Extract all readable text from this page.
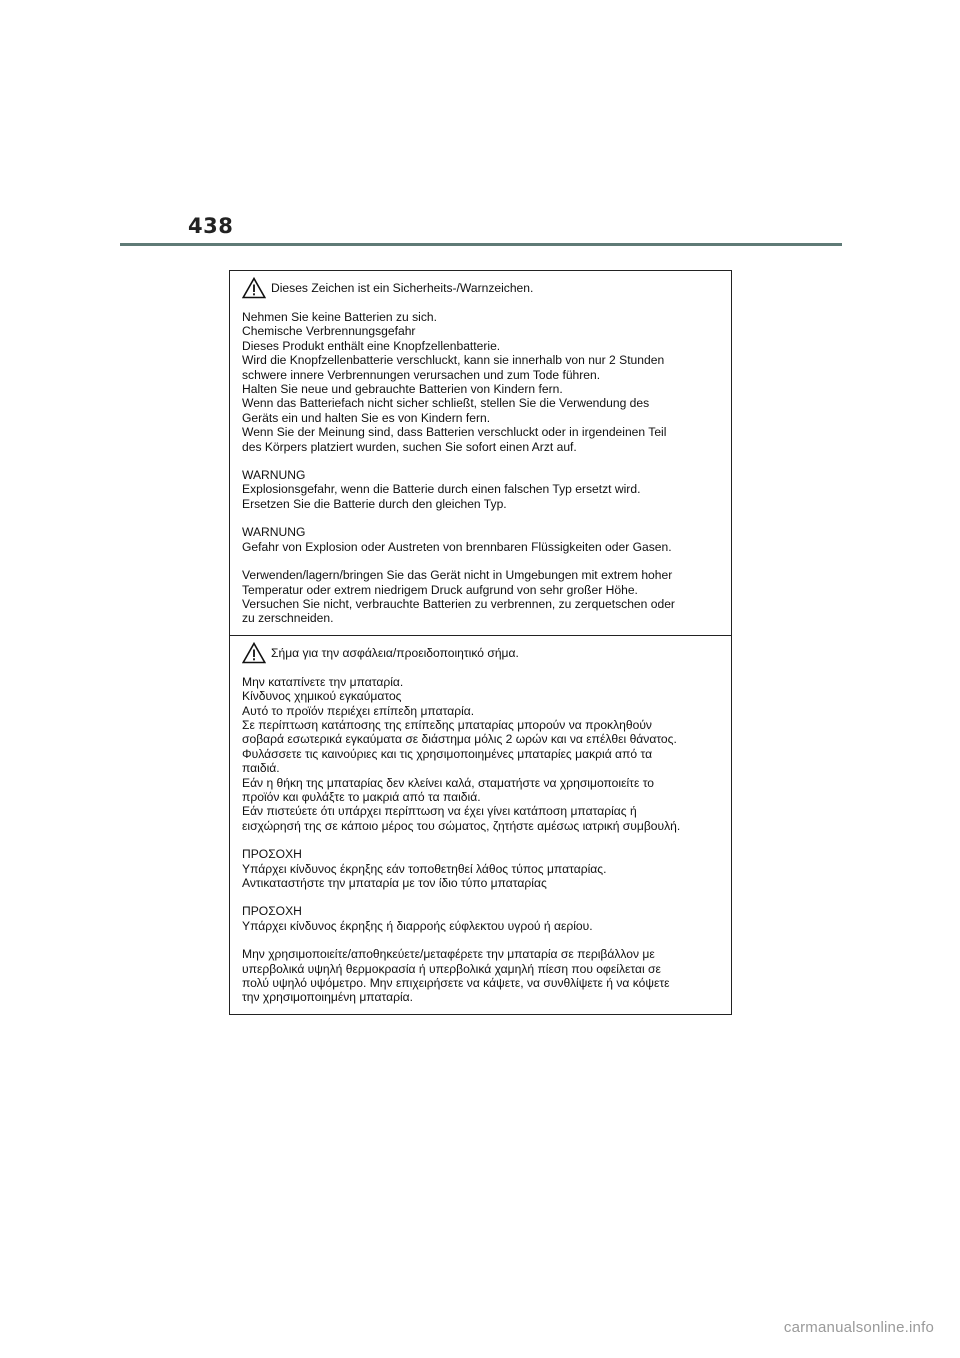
438
Dieses Zeichen ist ein Sicherheits-/Warnzeichen.
Nehmen Sie keine Batterien zu sich.
Chemische Verbrennungsgefahr
Dieses Produkt enthält eine Knopfzellenbatterie.
Wird die Knopfzellenbatterie verschluckt, kann sie innerhalb von nur 2 Stunden
schwere innere Verbrennungen verursachen und zum Tode führen.
Halten Sie neue und gebrauchte Batterien von Kindern fern.
Wenn das Batteriefach nicht sicher schließt, stellen Sie die Verwendung des
Geräts ein und halten Sie es von Kindern fern.
Wenn Sie der Meinung sind, dass Batterien verschluckt oder in irgendeinen Teil
des Körpers platziert wurden, suchen Sie sofort einen Arzt auf.
WARNUNG
Explosionsgefahr, wenn die Batterie durch einen falschen Typ ersetzt wird.
Ersetzen Sie die Batterie durch den gleichen Typ.
WARNUNG
Gefahr von Explosion oder Austreten von brennbaren Flüssigkeiten oder Gasen.
Verwenden/lagern/bringen Sie das Gerät nicht in Umgebungen mit extrem hoher
Temperatur oder extrem niedrigem Druck aufgrund von sehr großer Höhe.
Versuchen Sie nicht, verbrauchte Batterien zu verbrennen, zu zerquetschen oder
zu zerschneiden.
Σήμα για την ασφάλεια/προειδοποιητικό σήμα.
Μην καταπίνετε την μπαταρία.
Κίνδυνος χημικού εγκαύματος
Αυτό το προϊόν περιέχει επίπεδη μπαταρία.
Σε περίπτωση κατάποσης της επίπεδης μπαταρίας μπορούν να προκληθούν
σοβαρά εσωτερικά εγκαύματα σε διάστημα μόλις 2 ωρών και να επέλθει θάνατος.
Φυλάσσετε τις καινούριες και τις χρησιμοποιημένες μπαταρίες μακριά από τα
παιδιά.
Εάν η θήκη της μπαταρίας δεν κλείνει καλά, σταματήστε να χρησιμοποιείτε το
προϊόν και φυλάξτε το μακριά από τα παιδιά.
Εάν πιστεύετε ότι υπάρχει περίπτωση να έχει γίνει κατάποση μπαταρίας ή
εισχώρησή της σε κάποιο μέρος του σώματος, ζητήστε αμέσως ιατρική συμβουλή.
ΠΡΟΣΟΧΗ
Υπάρχει κίνδυνος έκρηξης εάν τοποθετηθεί λάθος τύπος μπαταρίας.
Αντικαταστήστε την μπαταρία με τον ίδιο τύπο μπαταρίας
ΠΡΟΣΟΧΗ
Υπάρχει κίνδυνος έκρηξης ή διαρροής εύφλεκτου υγρού ή αερίου.
Μην χρησιμοποιείτε/αποθηκεύετε/μεταφέρετε την μπαταρία σε περιβάλλον με
υπερβολικά υψηλή θερμοκρασία ή υπερβολικά χαμηλή πίεση που οφείλεται σε
πολύ υψηλό υψόμετρο. Μην επιχειρήσετε να κάψετε, να συνθλίψετε ή να κόψετε
την χρησιμοποιημένη μπαταρία.
carmanualsonline.info
